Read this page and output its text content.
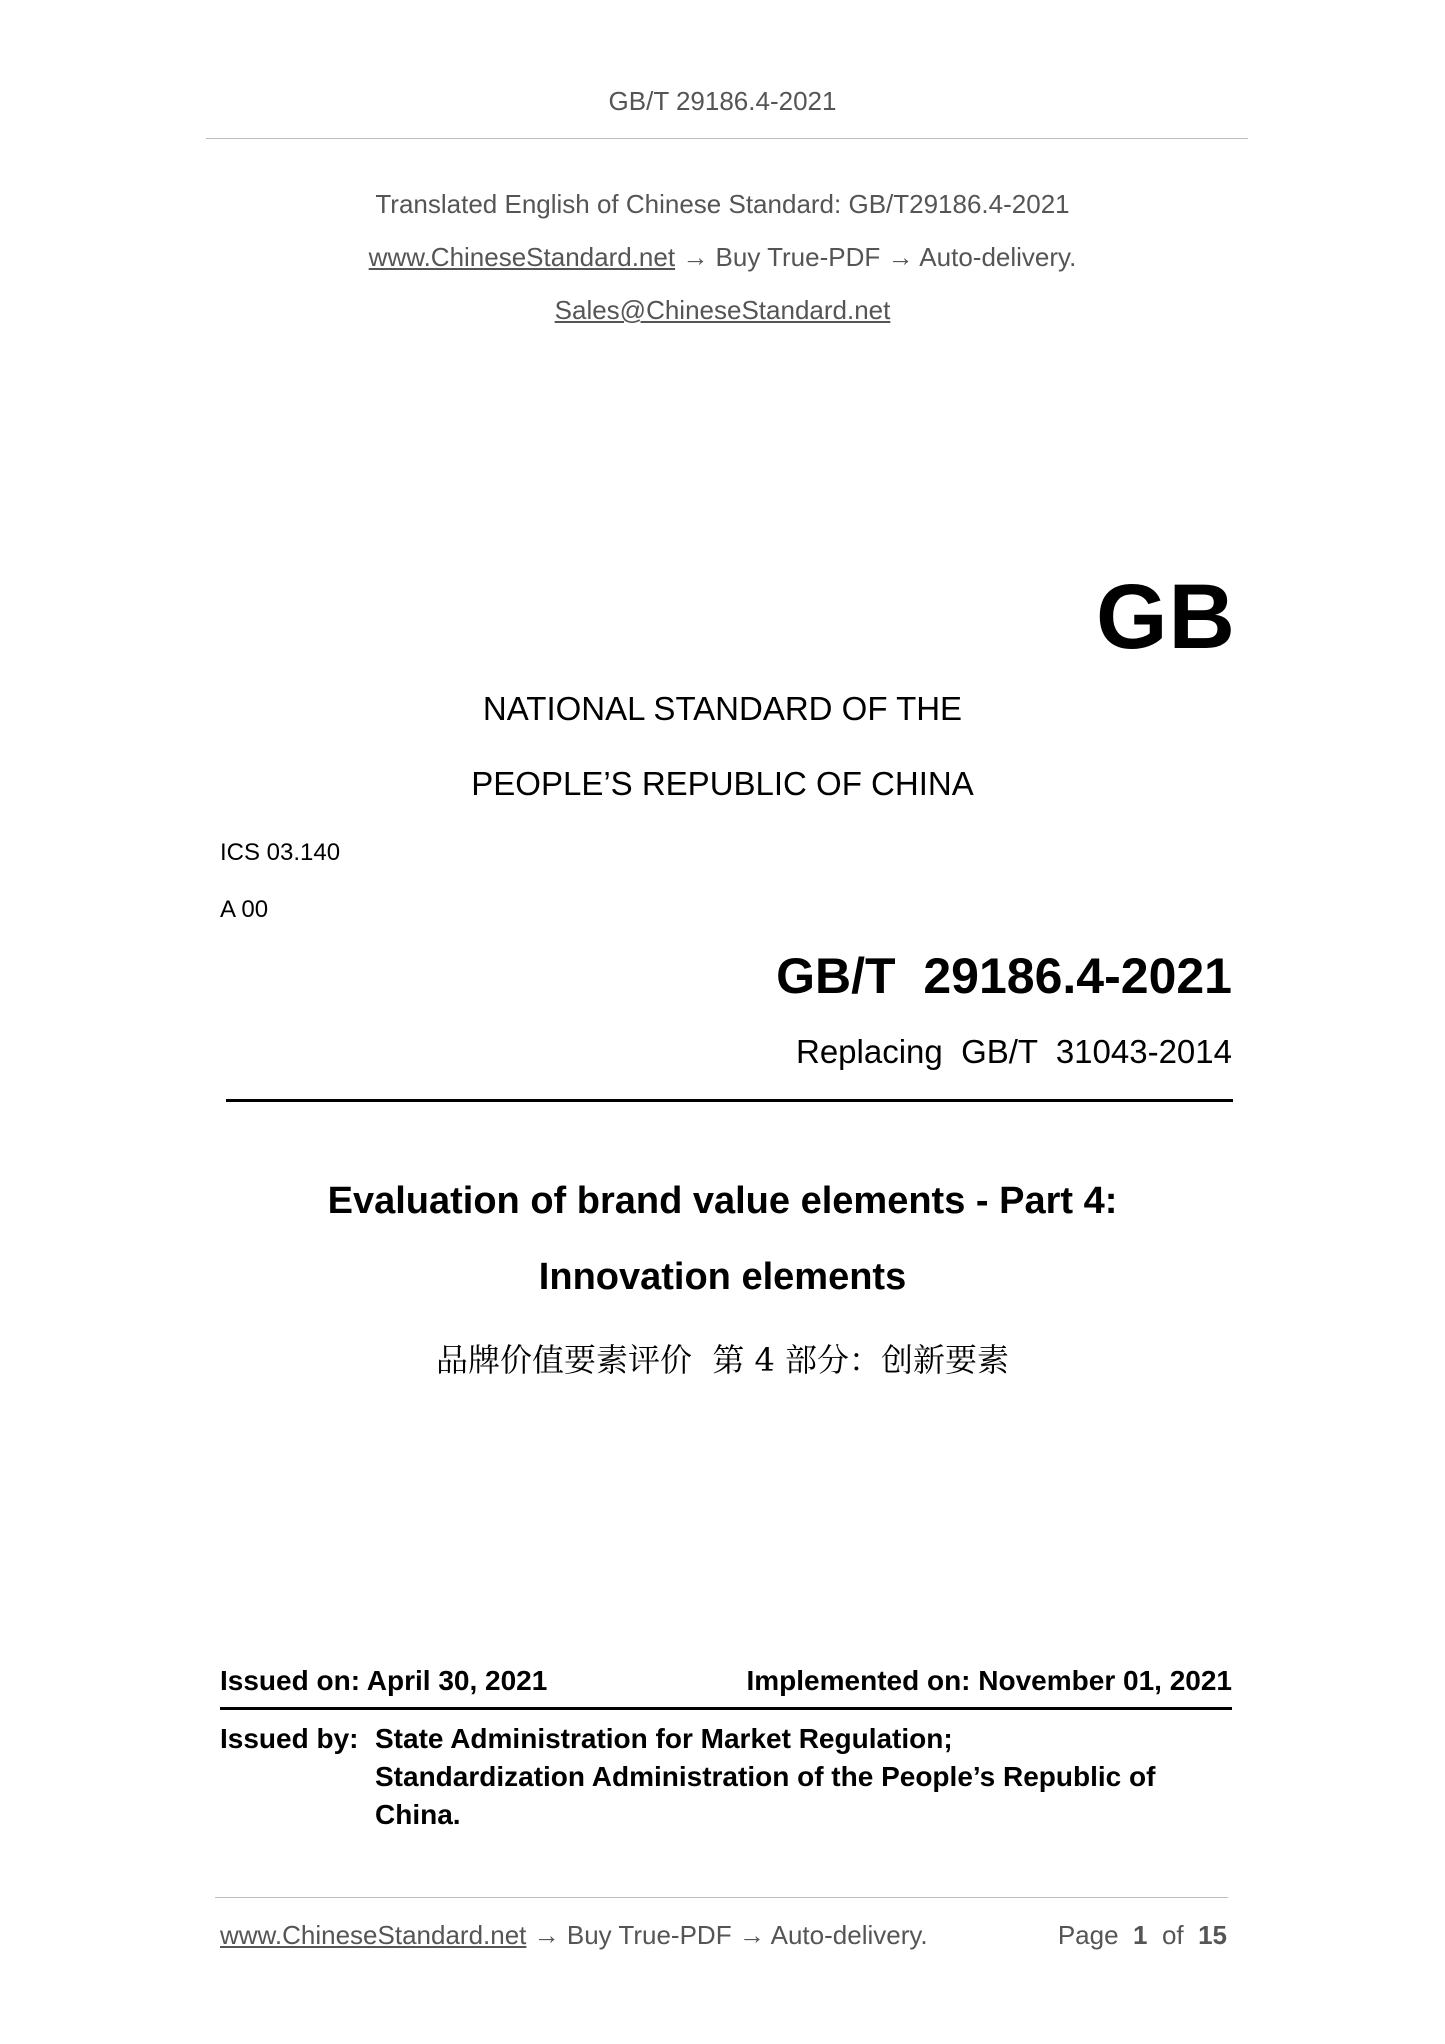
GB/T 29186.4-2021
Translated English of Chinese Standard: GB/T29186.4-2021
www.ChineseStandard.net → Buy True-PDF → Auto-delivery.
Sales@ChineseStandard.net
GB
NATIONAL STANDARD OF THE
PEOPLE’S REPUBLIC OF CHINA
ICS 03.140
A 00
GB/T  29186.4-2021
Replacing  GB/T  31043-2014
Evaluation of brand value elements - Part 4:
Innovation elements
品牌价值要素评价  第 4 部分：创新要素
Issued on: April 30, 2021	Implemented on: November 01, 2021
Issued by: State Administration for Market Regulation;
Standardization Administration of the People’s Republic of
China.
www.ChineseStandard.net → Buy True-PDF → Auto-delivery.	Page 1 of 15
